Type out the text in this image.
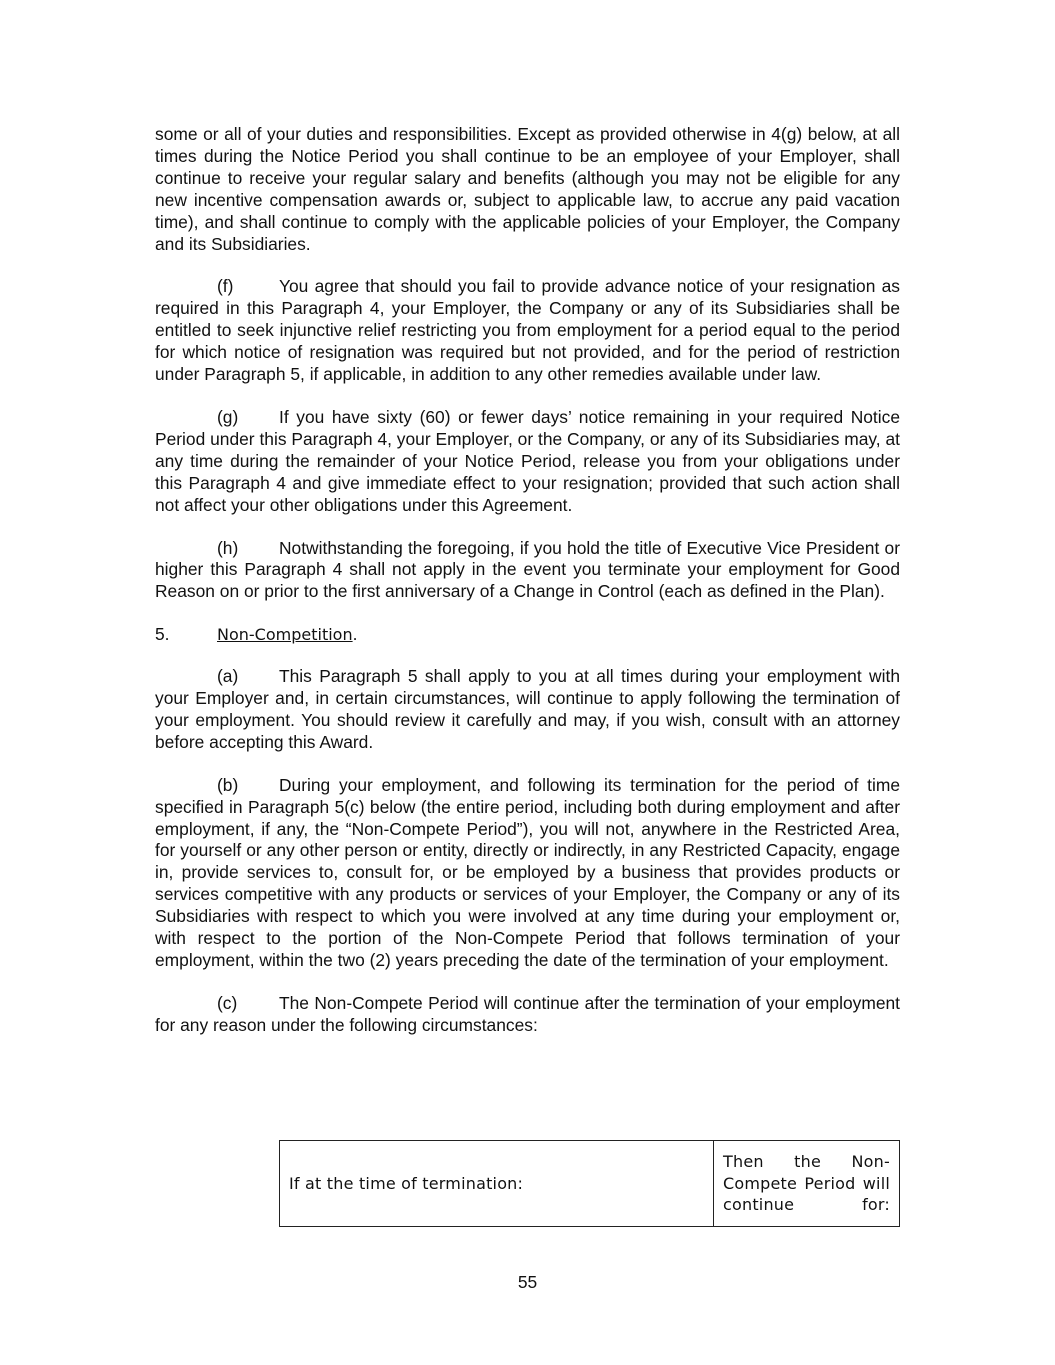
some or all of your duties and responsibilities. Except as provided otherwise in 4(g) below, at all times during the Notice Period you shall continue to be an employee of your Employer, shall continue to receive your regular salary and benefits (although you may not be eligible for any new incentive compensation awards or, subject to applicable law, to accrue any paid vacation time), and shall continue to comply with the applicable policies of your Employer, the Company and its Subsidiaries.

(f)	You agree that should you fail to provide advance notice of your resignation as required in this Paragraph 4, your Employer, the Company or any of its Subsidiaries shall be entitled to seek injunctive relief restricting you from employment for a period equal to the period for which notice of resignation was required but not provided, and for the period of restriction under Paragraph 5, if applicable, in addition to any other remedies available under law.

(g) If you have sixty (60) or fewer days’ notice remaining in your required Notice Period under this Paragraph 4, your Employer, or the Company, or any of its Subsidiaries may, at any time during the remainder of your Notice Period, release you from your obligations under this Paragraph 4 and give immediate effect to your resignation; provided that such action shall not affect your other obligations under this Agreement.

(h) Notwithstanding the foregoing, if you hold the title of Executive Vice President or higher this Paragraph 4 shall not apply in the event you terminate your employment for Good Reason on or prior to the first anniversary of a Change in Control (each as defined in the Plan).

5.	Non-Competition.

(a) This Paragraph 5 shall apply to you at all times during your employment with your Employer and, in certain circumstances, will continue to apply following the termination of your employment. You should review it carefully and may, if you wish, consult with an attorney before accepting this Award.

(b) During your employment, and following its termination for the period of time specified in Paragraph 5(c) below (the entire period, including both during employment and after employment, if any, the “Non-Compete Period”), you will not, anywhere in the Restricted Area, for yourself or any other person or entity, directly or indirectly, in any Restricted Capacity, engage in, provide services to, consult for, or be employed by a business that provides products or services competitive with any products or services of your Employer, the Company or any of its Subsidiaries with respect to which you were involved at any time during your employment or, with respect to the portion of the Non-Compete Period that follows termination of your employment, within the two (2) years preceding the date of the termination of your employment.

(c) The Non-Compete Period will continue after the termination of your employment for any reason under the following circumstances:

If at the time of termination:
Then the Non-Compete Period will continue for:
55
